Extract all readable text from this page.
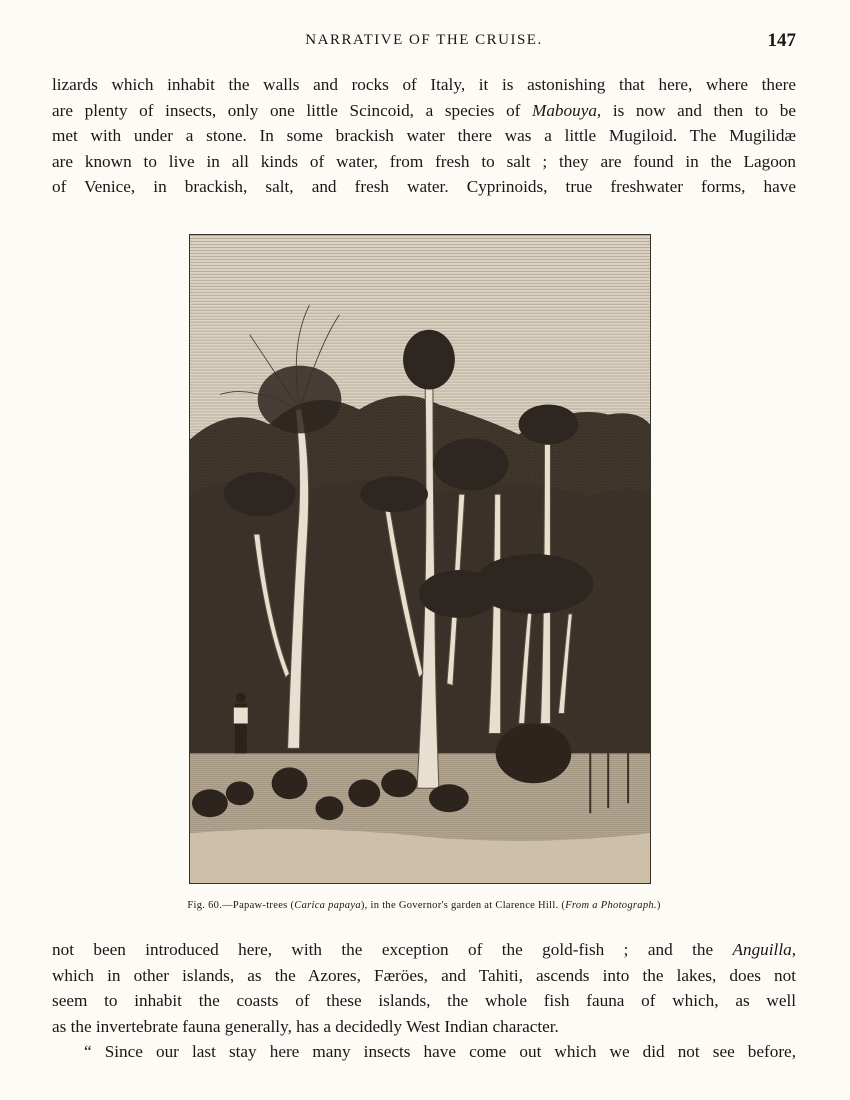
NARRATIVE OF THE CRUISE.	147
lizards which inhabit the walls and rocks of Italy, it is astonishing that here, where there
are plenty of insects, only one little Scincoid, a species of Mabouya, is now and then to be
met with under a stone. In some brackish water there was a little Mugiloid. The Mugilidæ
are known to live in all kinds of water, from fresh to salt ; they are found in the Lagoon
of Venice, in brackish, salt, and fresh water. Cyprinoids, true freshwater forms, have
Fig. 60.—Papaw-trees (Carica papaya), in the Governor's garden at Clarence Hill. (From a Photograph.)
not been introduced here, with the exception of the gold-fish ; and the Anguilla,
which in other islands, as the Azores, Færöes, and Tahiti, ascends into the lakes, does not
seem to inhabit the coasts of these islands, the whole fish fauna of which, as well
as the invertebrate fauna generally, has a decidedly West Indian character.
“ Since our last stay here many insects have come out which we did not see before,
